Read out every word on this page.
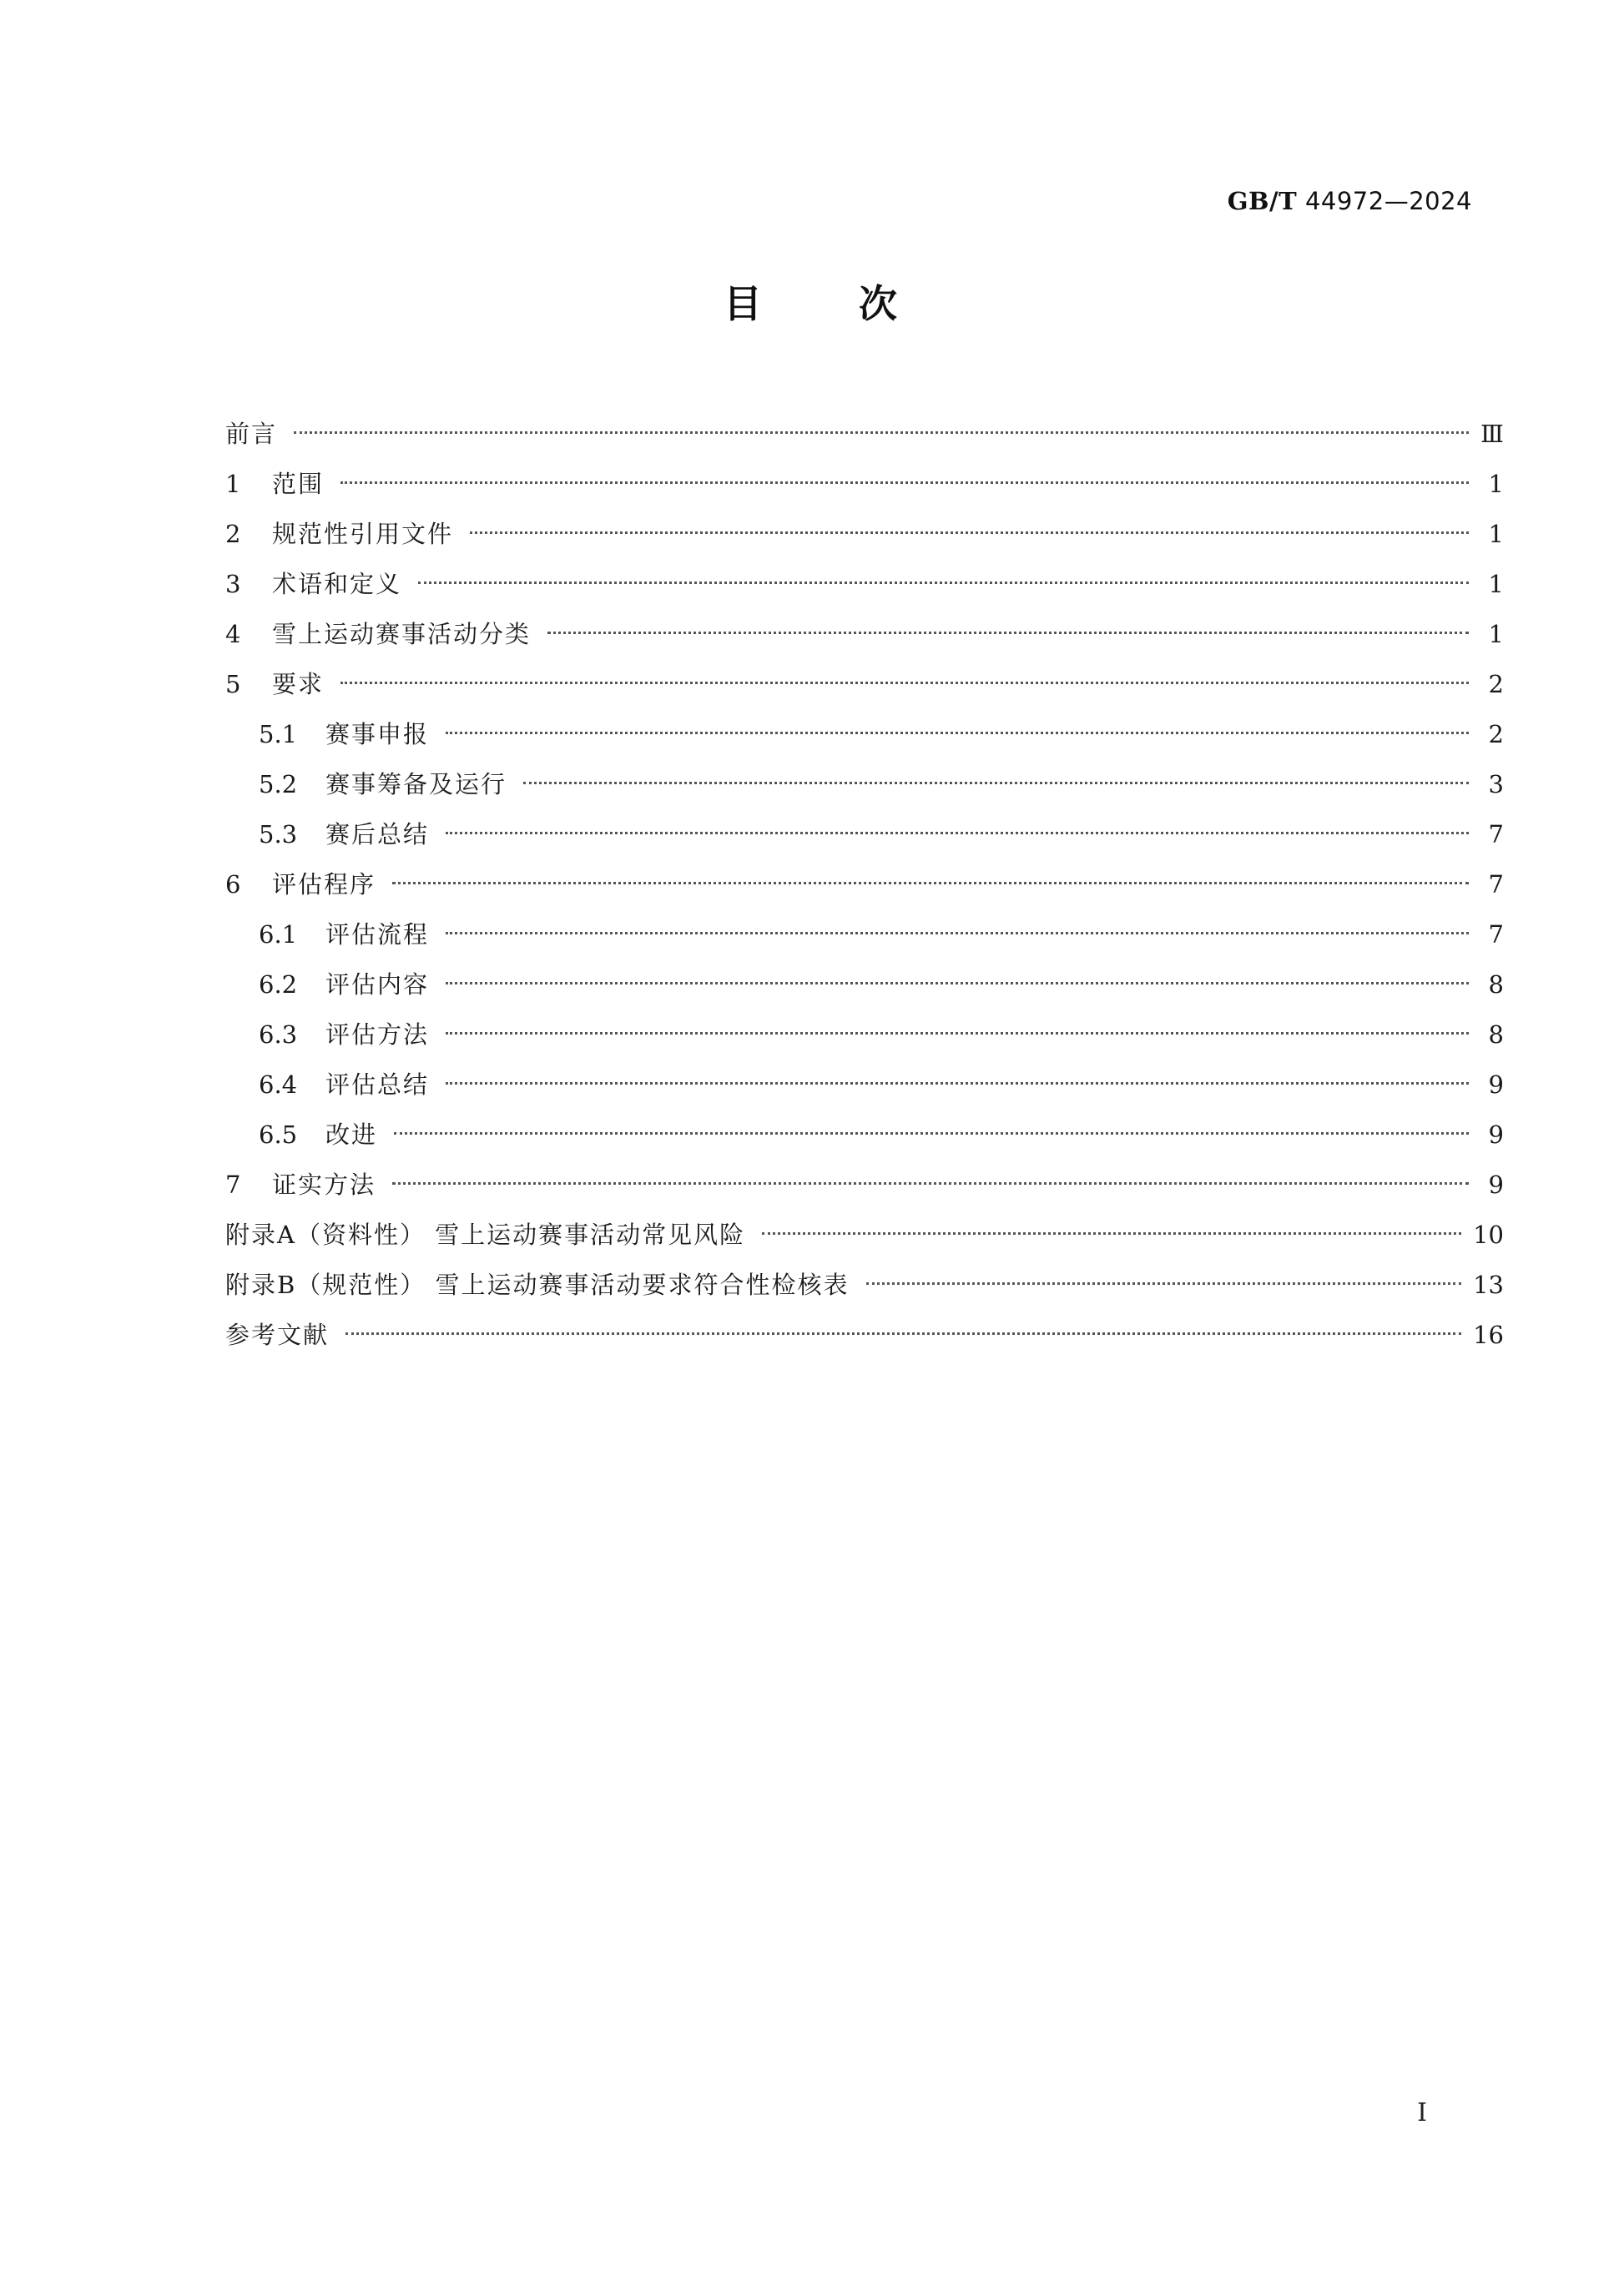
GB/T 44972—2024
目 次
前言	Ⅲ
1	范围	1
2	规范性引用文件	1
3	术语和定义	1
4	雪上运动赛事活动分类	1
5	要求	2
5.1	赛事申报	2
5.2	赛事筹备及运行	3
5.3	赛后总结	7
6	评估程序	7
6.1	评估流程	7
6.2	评估内容	8
6.3	评估方法	8
6.4	评估总结	9
6.5	改进	9
7	证实方法	9
附录A（资料性） 雪上运动赛事活动常见风险	10
附录B（规范性） 雪上运动赛事活动要求符合性检核表	13
参考文献	16
Ⅰ
